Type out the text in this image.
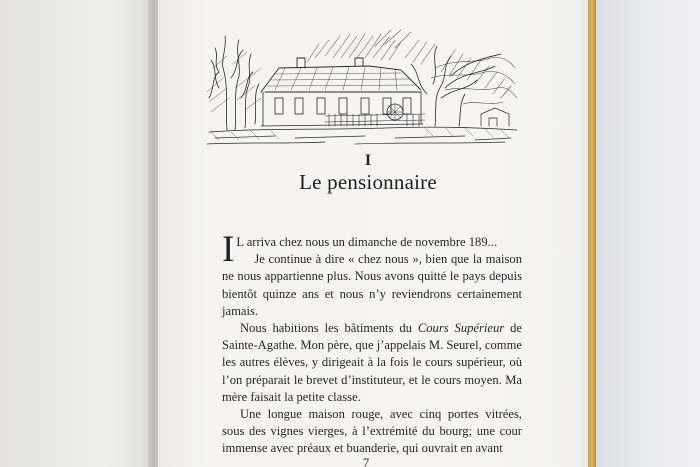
I
Le pensionnaire

I L arriva chez nous un dimanche de novembre 189...

Je continue à dire « chez nous », bien que la maison ne nous appartienne plus. Nous avons quitté le pays depuis bientôt quinze ans et nous n’y reviendrons certainement jamais.

Nous habitions les bâtiments du Cours Supérieur de Sainte-Agathe. Mon père, que j’appelais M. Seurel, comme les autres élèves, y dirigeait à la fois le cours supérieur, où l’on préparait le brevet d’instituteur, et le cours moyen. Ma mère faisait la petite classe.

Une longue maison rouge, avec cinq portes vitrées, sous des vignes vierges, à l’extrémité du bourg; une cour immense avec préaux et buanderie, qui ouvrait en avant

7
